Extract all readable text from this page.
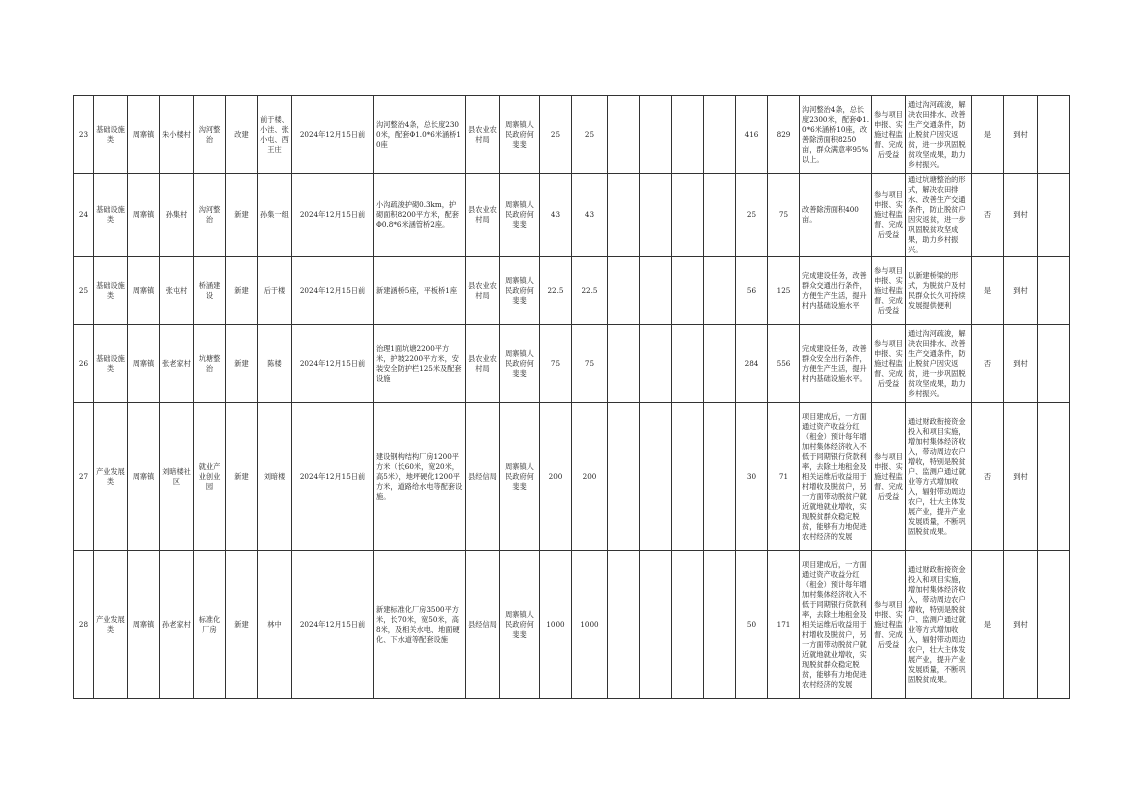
23	基础设施类	周寨镇	朱小楼村	沟河整治	改建	前于楼、小洼、张小屯、西王庄	2024年12月15日前	沟河整治4条，总长度2300米，配套Φ1.0*6米涵桥10座	县农业农村局	周寨镇人民政府何斐斐	25	25					416	829	沟河整治4条，总长度2300米，配套Φ1.0*6米涵桥10座，改善除涝面积8250亩，群众满意率95%以上。	参与项目申报、实施过程监督、完成后受益	通过沟河疏浚，解决农田排水、改善生产交通条件，防止脱贫户因灾返贫，进一步巩固脱贫攻坚成果，助力乡村振兴。	是	到村	
24	基础设施类	周寨镇	孙集村	沟河整治	新建	孙集一组	2024年12月15日前	小沟疏浚护砌0.3km，护砌面积8200平方米，配套Φ0.8*6米涵管桥2座。	县农业农村局	周寨镇人民政府何斐斐	43	43					25	75	改善除涝面积400亩。	参与项目申报、实施过程监督、完成后受益	通过坑塘整治的形式，解决农田排水、改善生产交通条件，防止脱贫户因灾返贫，进一步巩固脱贫攻坚成果，助力乡村振兴。	否	到村	
25	基础设施类	周寨镇	张屯村	桥涵建设	新建	后于楼	2024年12月15日前	新建涵桥5座，平板桥1座	县农业农村局	周寨镇人民政府何斐斐	22.5	22.5					56	125	完成建设任务，改善群众交通出行条件，方便生产生活，提升村内基础设施水平	参与项目申报、实施过程监督、完成后受益	以新建桥梁的形式，为脱贫户及村民群众长久可持续发展提供便利	是	到村	
26	基础设施类	周寨镇	张老家村	坑塘整治	新建	陈楼	2024年12月15日前	治理1面坑塘2200平方米，护坡2200平方米，安装安全防护栏125米及配套设施	县农业农村局	周寨镇人民政府何斐斐	75	75					284	556	完成建设任务，改善群众安全出行条件，方便生产生活，提升村内基础设施水平。	参与项目申报、实施过程监督、完成后受益	通过沟河疏浚，解决农田排水、改善生产交通条件，防止脱贫户因灾返贫，进一步巩固脱贫攻坚成果，助力乡村振兴。	否	到村	
27	产业发展类	周寨镇	刘暗楼社区	就业产业创业园	新建	刘暗楼	2024年12月15日前	建设钢构结构厂房1200平方米（长60米，宽20米，高5米），地坪硬化1200平方米，道路给水电等配套设施。	县经信局	周寨镇人民政府何斐斐	200	200					30	71	项目建成后，一方面通过资产收益分红（租金）预计每年增加村集体经济收入不低于同期银行贷款利率，去除土地租金及相关运维后收益用于村增收及脱贫户，另一方面带动脱贫户就近就地就业增收，实现脱贫群众稳定脱贫，能够有力地促进农村经济的发展	参与项目申报、实施过程监督、完成后受益	通过财政衔接资金投入和项目实施，增加村集体经济收入，带动周边农户增收，特别是脱贫户、监测户通过就业等方式增加收入，辐射带动周边农户，壮大主体发展产业，提升产业发展质量，不断巩固脱贫成果。	否	到村	
28	产业发展类	周寨镇	孙老家村	标准化厂房	新建	林中	2024年12月15日前	新建标准化厂房3500平方米，长70米，宽50米，高8米，及相关水电、地面硬化、下水道等配套设施	县经信局	周寨镇人民政府何斐斐	1000	1000					50	171	项目建成后，一方面通过资产收益分红（租金）预计每年增加村集体经济收入不低于同期银行贷款利率，去除土地租金及相关运维后收益用于村增收及脱贫户，另一方面带动脱贫户就近就地就业增收，实现脱贫群众稳定脱贫，能够有力地促进农村经济的发展	参与项目申报、实施过程监督、完成后受益	通过财政衔接资金投入和项目实施，增加村集体经济收入，带动周边农户增收，特别是脱贫户、监测户通过就业等方式增加收入，辐射带动周边农户，壮大主体发展产业，提升产业发展质量，不断巩固脱贫成果。	是	到村	
